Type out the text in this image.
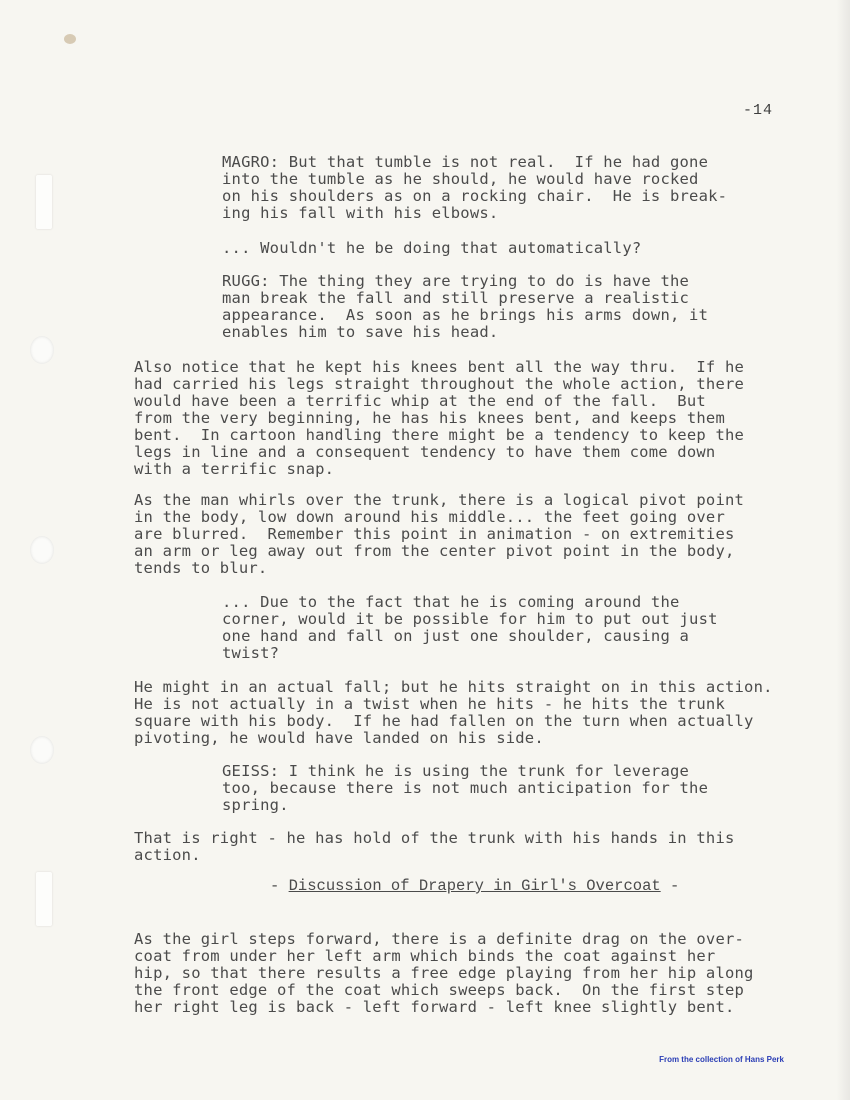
-14
MAGRO: But that tumble is not real.  If he had gone
into the tumble as he should, he would have rocked
on his shoulders as on a rocking chair.  He is break-
ing his fall with his elbows.
... Wouldn't he be doing that automatically?
RUGG: The thing they are trying to do is have the
man break the fall and still preserve a realistic
appearance.  As soon as he brings his arms down, it
enables him to save his head.
Also notice that he kept his knees bent all the way thru.  If he
had carried his legs straight throughout the whole action, there
would have been a terrific whip at the end of the fall.  But
from the very beginning, he has his knees bent, and keeps them
bent.  In cartoon handling there might be a tendency to keep the
legs in line and a consequent tendency to have them come down
with a terrific snap.
As the man whirls over the trunk, there is a logical pivot point
in the body, low down around his middle... the feet going over
are blurred.  Remember this point in animation - on extremities
an arm or leg away out from the center pivot point in the body,
tends to blur.
... Due to the fact that he is coming around the
corner, would it be possible for him to put out just
one hand and fall on just one shoulder, causing a
twist?
He might in an actual fall; but he hits straight on in this action.
He is not actually in a twist when he hits - he hits the trunk
square with his body.  If he had fallen on the turn when actually
pivoting, he would have landed on his side.
GEISS: I think he is using the trunk for leverage
too, because there is not much anticipation for the
spring.
That is right - he has hold of the trunk with his hands in this
action.

- Discussion of Drapery in Girl's Overcoat -

As the girl steps forward, there is a definite drag on the over-
coat from under her left arm which binds the coat against her
hip, so that there results a free edge playing from her hip along
the front edge of the coat which sweeps back.  On the first step
her right leg is back - left forward - left knee slightly bent.
From the collection of Hans Perk
